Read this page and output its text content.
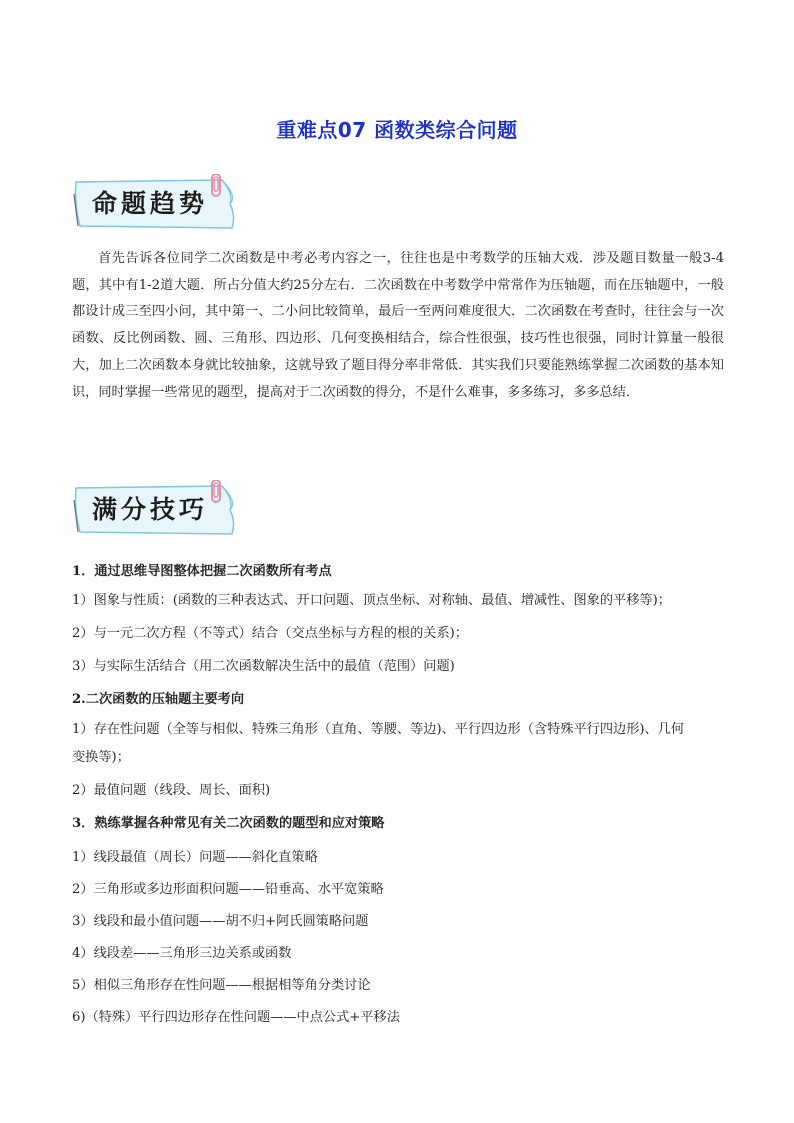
重难点07 函数类综合问题
命题趋势

首先告诉各位同学二次函数是中考必考内容之一，往往也是中考数学的压轴大戏．涉及题目数量一般3-4题，其中有1-2道大题．所占分值大约25分左右．二次函数在中考数学中常常作为压轴题，而在压轴题中，一般都设计成三至四小问，其中第一、二小问比较简单，最后一至两问难度很大．二次函数在考查时，往往会与一次函数、反比例函数、圆、三角形、四边形、几何变换相结合，综合性很强，技巧性也很强，同时计算量一般很大，加上二次函数本身就比较抽象，这就导致了题目得分率非常低．其实我们只要能熟练掌握二次函数的基本知识，同时掌握一些常见的题型，提高对于二次函数的得分，不是什么难事，多多练习，多多总结．

满分技巧

1．通过思维导图整体把握二次函数所有考点

1）图象与性质：(函数的三种表达式、开口问题、顶点坐标、对称轴、最值、增减性、图象的平移等)；

2）与一元二次方程（不等式）结合（交点坐标与方程的根的关系)；

3）与实际生活结合（用二次函数解决生活中的最值（范围）问题)

2.二次函数的压轴题主要考向

1）存在性问题（全等与相似、特殊三角形（直角、等腰、等边)、平行四边形（含特殊平行四边形)、几何

变换等)；

2）最值问题（线段、周长、面积)

3．熟练掌握各种常见有关二次函数的题型和应对策略

1）线段最值（周长）问题——斜化直策略

2）三角形或多边形面积问题——铅垂高、水平宽策略

3）线段和最小值问题——胡不归+阿氏圆策略问题

4）线段差——三角形三边关系或函数

5）相似三角形存在性问题——根据相等角分类讨论

6)（特殊）平行四边形存在性问题——中点公式+平移法
